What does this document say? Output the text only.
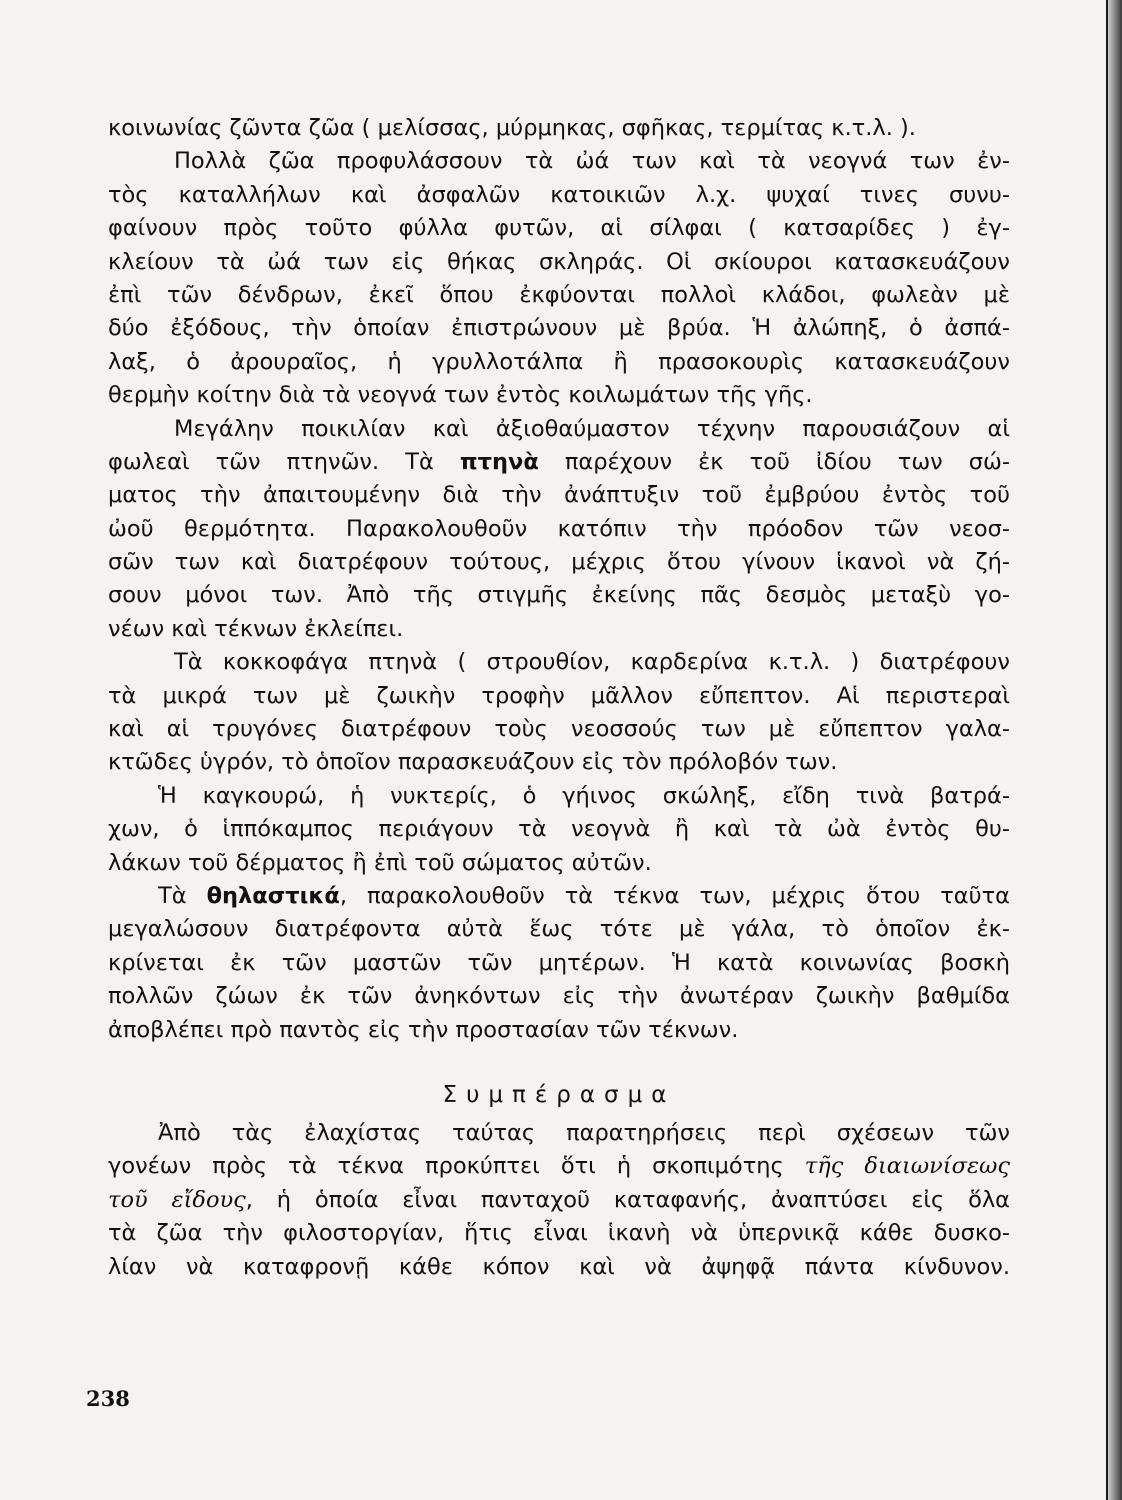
κοινωνίας ζῶντα ζῶα ( μελίσσας, μύρμηκας, σφῆκας, τερμίτας κ.τ.λ. ).
Πολλὰ ζῶα προφυλάσσουν τὰ ὠά των καὶ τὰ νεογνά των ἐν-
τὸς καταλλήλων καὶ ἀσφαλῶν κατοικιῶν λ.χ. ψυχαί τινες συνυ-
φαίνουν πρὸς τοῦτο φύλλα φυτῶν, αἱ σίλφαι ( κατσαρίδες ) ἐγ-
κλείουν τὰ ὠά των εἰς θήκας σκληράς. Οἱ σκίουροι κατασκευάζουν
ἐπὶ τῶν δένδρων, ἐκεῖ ὅπου ἐκφύονται πολλοὶ κλάδοι, φωλεὰν μὲ
δύο ἐξόδους, τὴν ὁποίαν ἐπιστρώνουν μὲ βρύα. Ἡ ἀλώπηξ, ὁ ἀσπά-
λαξ, ὁ ἀρουραῖος, ἡ γρυλλοτάλπα ἢ πρασοκουρὶς κατασκευάζουν
θερμὴν κοίτην διὰ τὰ νεογνά των ἐντὸς κοιλωμάτων τῆς γῆς.
Μεγάλην ποικιλίαν καὶ ἀξιοθαύμαστον τέχνην παρουσιάζουν αἱ
φωλεαὶ τῶν πτηνῶν. Τὰ πτηνὰ παρέχουν ἐκ τοῦ ἰδίου των σώ-
ματος τὴν ἀπαιτουμένην διὰ τὴν ἀνάπτυξιν τοῦ ἐμβρύου ἐντὸς τοῦ
ὠοῦ θερμότητα. Παρακολουθοῦν κατόπιν τὴν πρόοδον τῶν νεοσ-
σῶν των καὶ διατρέφουν τούτους, μέχρις ὅτου γίνουν ἱκανοὶ νὰ ζή-
σουν μόνοι των. Ἀπὸ τῆς στιγμῆς ἐκείνης πᾶς δεσμὸς μεταξὺ γο-
νέων καὶ τέκνων ἐκλείπει.
Τὰ κοκκοφάγα πτηνὰ ( στρουθίον, καρδερίνα κ.τ.λ. ) διατρέφουν
τὰ μικρά των μὲ ζωικὴν τροφὴν μᾶλλον εὔπεπτον. Αἱ περιστεραὶ
καὶ αἱ τρυγόνες διατρέφουν τοὺς νεοσσούς των μὲ εὔπεπτον γαλα-
κτῶδες ὑγρόν, τὸ ὁποῖον παρασκευάζουν εἰς τὸν πρόλοβόν των.
Ἡ καγκουρώ, ἡ νυκτερίς, ὁ γήινος σκώληξ, εἴδη τινὰ βατρά-
χων, ὁ ἱππόκαμπος περιάγουν τὰ νεογνὰ ἢ καὶ τὰ ὠὰ ἐντὸς θυ-
λάκων τοῦ δέρματος ἢ ἐπὶ τοῦ σώματος αὐτῶν.
Τὰ θηλαστικά, παρακολουθοῦν τὰ τέκνα των, μέχρις ὅτου ταῦτα
μεγαλώσουν διατρέφοντα αὐτὰ ἕως τότε μὲ γάλα, τὸ ὁποῖον ἐκ-
κρίνεται ἐκ τῶν μαστῶν τῶν μητέρων. Ἡ κατὰ κοινωνίας βοσκὴ
πολλῶν ζώων ἐκ τῶν ἀνηκόντων εἰς τὴν ἀνωτέραν ζωικὴν βαθμίδα
ἀποβλέπει πρὸ παντὸς εἰς τὴν προστασίαν τῶν τέκνων.
Συμπέρασμα
Ἀπὸ τὰς ἐλαχίστας ταύτας παρατηρήσεις περὶ σχέσεων τῶν
γονέων πρὸς τὰ τέκνα προκύπτει ὅτι ἡ σκοπιμότης τῆς διαιωνίσεως
τοῦ εἴδους, ἡ ὁποία εἶναι πανταχοῦ καταφανής, ἀναπτύσει εἰς ὅλα
τὰ ζῶα τὴν φιλοστοργίαν, ἥτις εἶναι ἱκανὴ νὰ ὑπερνικᾷ κάθε δυσκο-
λίαν νὰ καταφρονῇ κάθε κόπον καὶ νὰ ἀψηφᾷ πάντα κίνδυνον.
238
